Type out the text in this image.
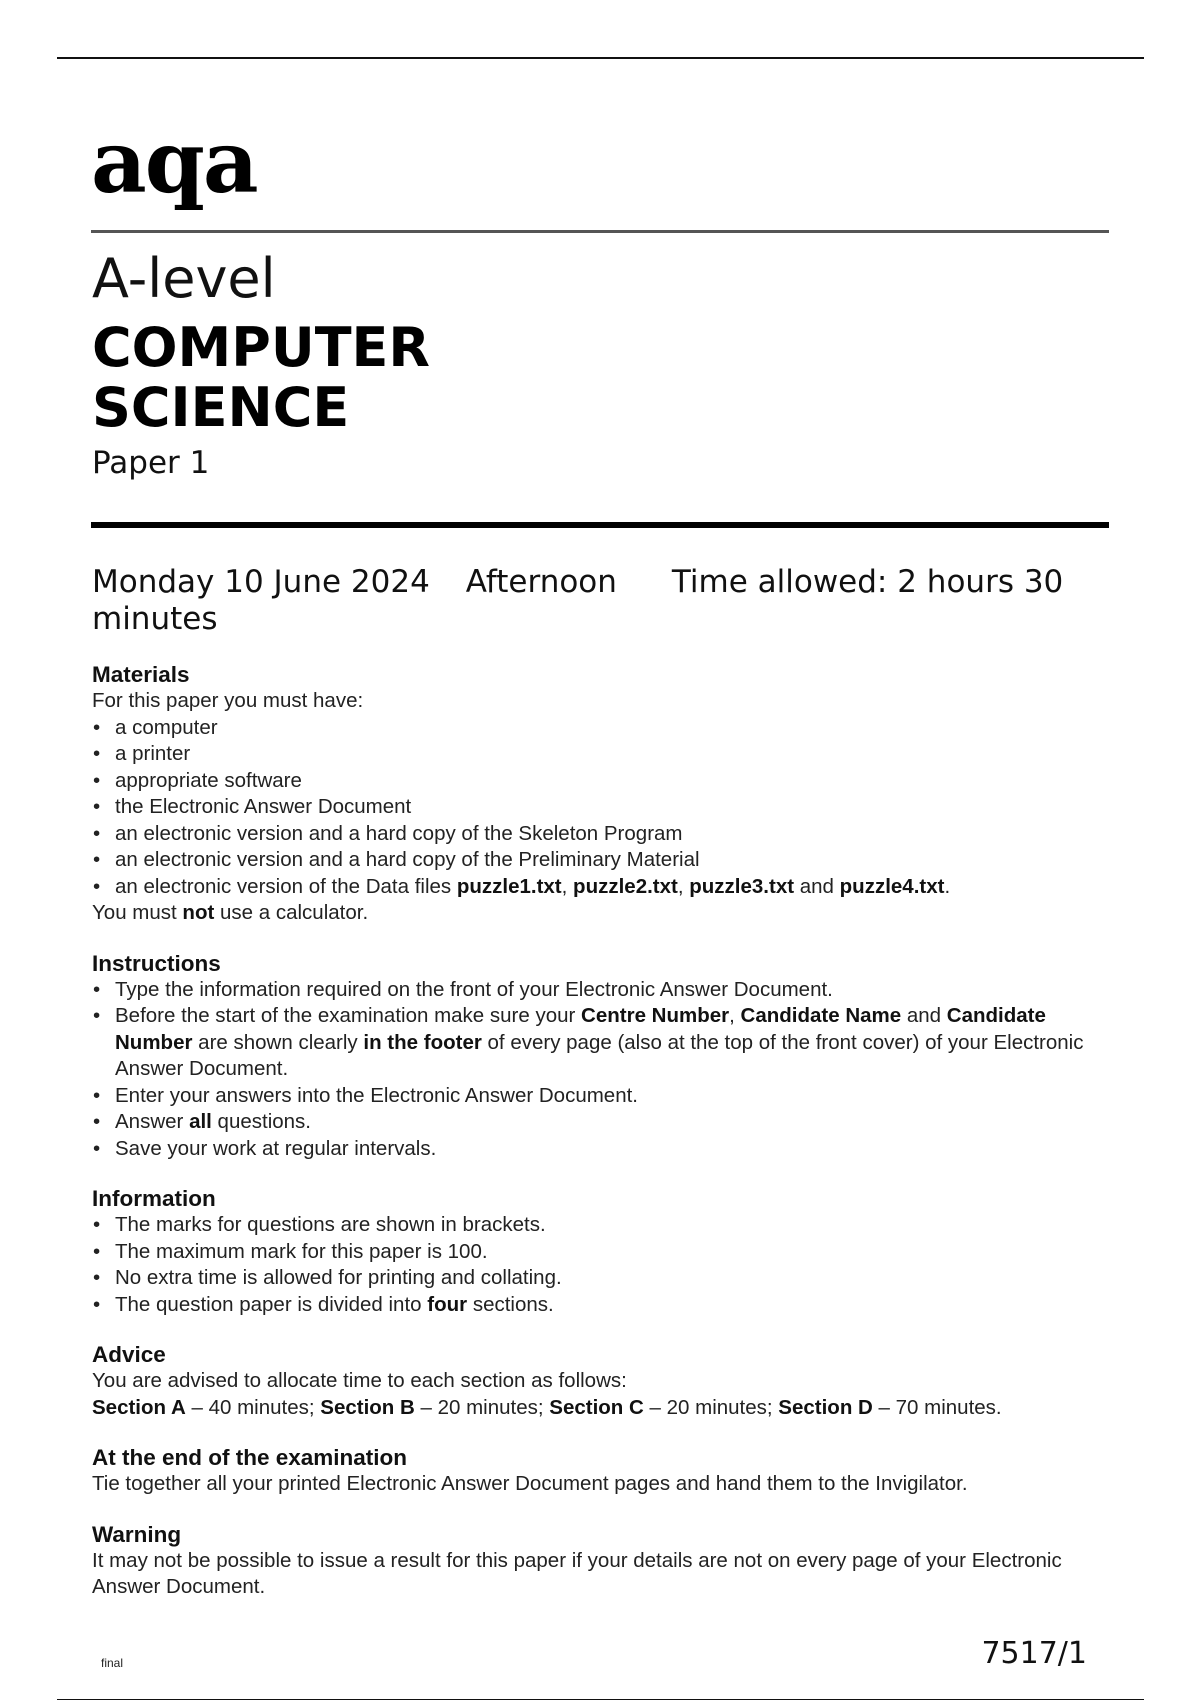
aqa
A-level
COMPUTER
SCIENCE
Paper 1
Monday 10 June 2024 Afternoon Time allowed: 2 hours 30 minutes
Materials

For this paper you must have:

• a computer
• a printer
• appropriate software
• the Electronic Answer Document
• an electronic version and a hard copy of the Skeleton Program
• an electronic version and a hard copy of the Preliminary Material
• an electronic version of the Data files puzzle1.txt, puzzle2.txt, puzzle3.txt and puzzle4.txt.

You must not use a calculator.

Instructions
• Type the information required on the front of your Electronic Answer Document.
• Before the start of the examination make sure your Centre Number, Candidate Name and Candidate Number are shown clearly in the footer of every page (also at the top of the front cover) of your Electronic Answer Document.
• Enter your answers into the Electronic Answer Document.
• Answer all questions.
• Save your work at regular intervals.
Information
• The marks for questions are shown in brackets.
• The maximum mark for this paper is 100.
• No extra time is allowed for printing and collating.
• The question paper is divided into four sections.
Advice

You are advised to allocate time to each section as follows:

Section A – 40 minutes; Section B – 20 minutes; Section C – 20 minutes; Section D – 70 minutes.

At the end of the examination

Tie together all your printed Electronic Answer Document pages and hand them to the Invigilator.

Warning

It may not be possible to issue a result for this paper if your details are not on every page of your Electronic Answer Document.

final	7517/1
